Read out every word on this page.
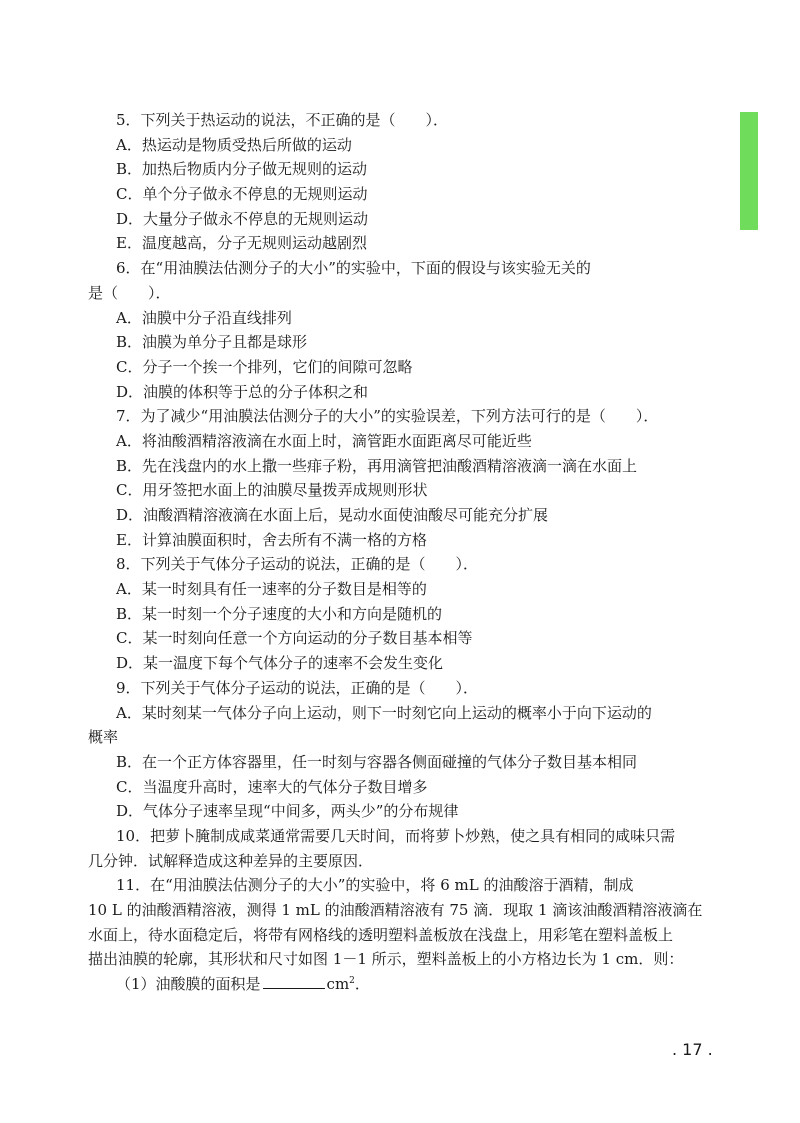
5．下列关于热运动的说法，不正确的是（　　）．
A．热运动是物质受热后所做的运动
B．加热后物质内分子做无规则的运动
C．单个分子做永不停息的无规则运动
D．大量分子做永不停息的无规则运动
E．温度越高，分子无规则运动越剧烈
6．在“用油膜法估测分子的大小”的实验中，下面的假设与该实验无关的
是（　　）．
A．油膜中分子沿直线排列
B．油膜为单分子且都是球形
C．分子一个挨一个排列，它们的间隙可忽略
D．油膜的体积等于总的分子体积之和
7．为了减少“用油膜法估测分子的大小”的实验误差，下列方法可行的是（　　）．
A．将油酸酒精溶液滴在水面上时，滴管距水面距离尽可能近些
B．先在浅盘内的水上撒一些痱子粉，再用滴管把油酸酒精溶液滴一滴在水面上
C．用牙签把水面上的油膜尽量拨弄成规则形状
D．油酸酒精溶液滴在水面上后，晃动水面使油酸尽可能充分扩展
E．计算油膜面积时，舍去所有不满一格的方格
8．下列关于气体分子运动的说法，正确的是（　　）．
A．某一时刻具有任一速率的分子数目是相等的
B．某一时刻一个分子速度的大小和方向是随机的
C．某一时刻向任意一个方向运动的分子数目基本相等
D．某一温度下每个气体分子的速率不会发生变化
9．下列关于气体分子运动的说法，正确的是（　　）．
A．某时刻某一气体分子向上运动，则下一时刻它向上运动的概率小于向下运动的
概率
B．在一个正方体容器里，任一时刻与容器各侧面碰撞的气体分子数目基本相同
C．当温度升高时，速率大的气体分子数目增多
D．气体分子速率呈现“中间多，两头少”的分布规律
10．把萝卜腌制成咸菜通常需要几天时间，而将萝卜炒熟，使之具有相同的咸味只需
几分钟．试解释造成这种差异的主要原因．
11．在“用油膜法估测分子的大小”的实验中，将 6 mL 的油酸溶于酒精，制成
10 L 的油酸酒精溶液，测得 1 mL 的油酸酒精溶液有 75 滴．现取 1 滴该油酸酒精溶液滴在
水面上，待水面稳定后，将带有网格线的透明塑料盖板放在浅盘上，用彩笔在塑料盖板上
描出油膜的轮廓，其形状和尺寸如图 1－1 所示，塑料盖板上的小方格边长为 1 cm．则：
（1）油酸膜的面积是	$cm^2$．
. 17 .
